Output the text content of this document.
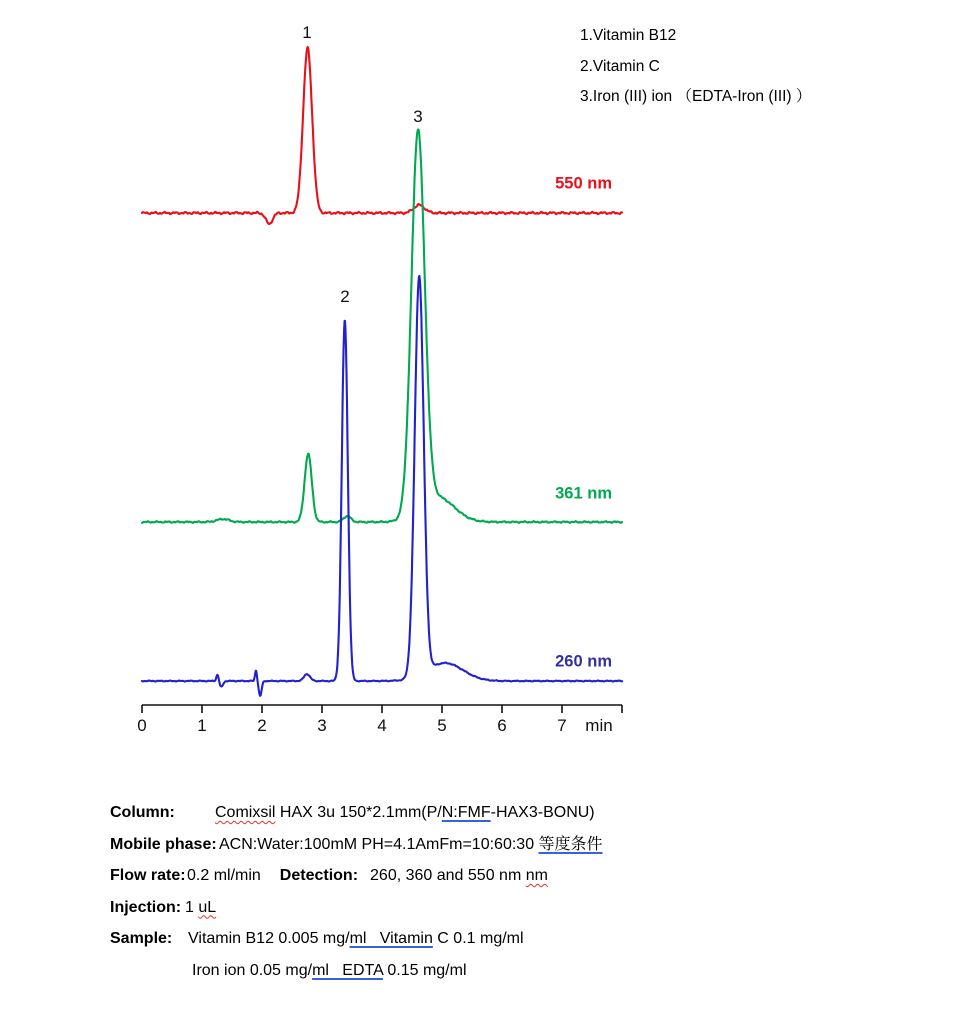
550 nm
361 nm
260 nm
0	1	2	3	4	5	6	7 min
1
2
3
1.Vitamin B12
2.Vitamin C
3.Iron (III) ion （EDTA-Iron (III) ）
Column:	Comixsil HAX 3u 150*2.1mm(P/N:FMF-HAX3-BONU)
Mobile phase: ACN:Water:100mM PH=4.1AmFm=10:60:30 等度条件
Flow rate:0.2 ml/min Detection: 260, 360 and 550 nm nm
Injection: 1 uL
Sample: Vitamin B12 0.005 mg/ml   Vitamin C 0.1 mg/ml
Iron ion 0.05 mg/ml   EDTA 0.15 mg/ml
